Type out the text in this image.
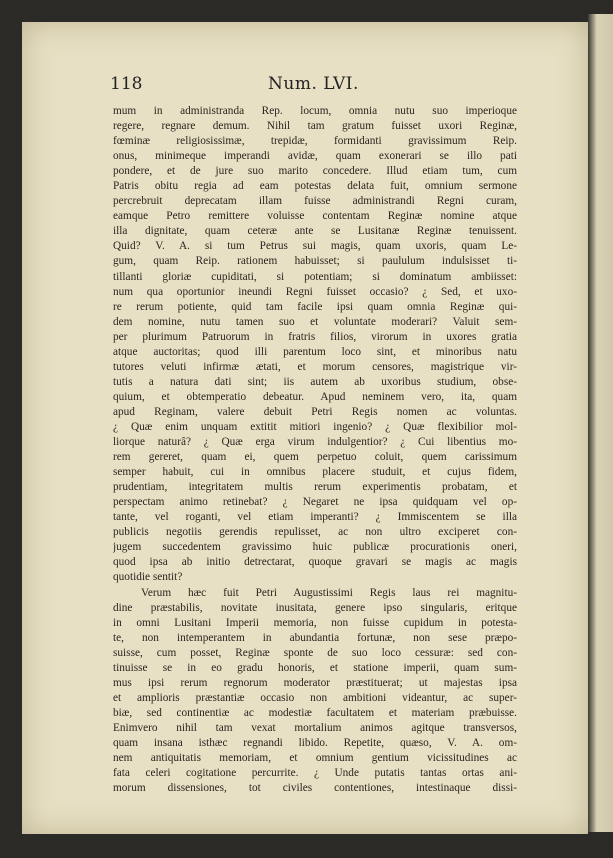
118	Num. LVI.
mum in administranda Rep. locum, omnia nutu suo imperioque
regere, regnare demum. Nihil tam gratum fuisset uxori Reginæ,
fœminæ religiosissimæ, trepidæ, formidanti gravissimum Reip.
onus, minimeque imperandi avidæ, quam exonerari se illo pati
pondere, et de jure suo marito concedere. Illud etiam tum, cum
Patris obitu regia ad eam potestas delata fuit, omnium sermone
percrebruit deprecatam illam fuisse administrandi Regni curam,
eamque Petro remittere voluisse contentam Reginæ nomine atque
illa dignitate, quam ceteræ ante se Lusitanæ Reginæ tenuissent.
Quid? V. A. si tum Petrus sui magis, quam uxoris, quam Le-
gum, quam Reip. rationem habuisset; si paululum indulsisset ti-
tillanti gloriæ cupiditati, si potentiam; si dominatum ambiisset:
num qua oportunior ineundi Regni fuisset occasio? ¿ Sed, et uxo-
re rerum potiente, quid tam facile ipsi quam omnia Reginæ qui-
dem nomine, nutu tamen suo et voluntate moderari? Valuit sem-
per plurimum Patruorum in fratris filios, virorum in uxores gratia
atque auctoritas; quod illi parentum loco sint, et minoribus natu
tutores veluti infirmæ ætati, et morum censores, magistrique vir-
tutis a natura dati sint; iis autem ab uxoribus studium, obse-
quium, et obtemperatio debeatur. Apud neminem vero, ita, quam
apud Reginam, valere debuit Petri Regis nomen ac voluntas.
¿ Quæ enim unquam extitit mitiori ingenio? ¿ Quæ flexibilior mol-
liorque naturâ? ¿ Quæ erga virum indulgentior? ¿ Cui libentius mo-
rem gereret, quam ei, quem perpetuo coluit, quem carissimum
semper habuit, cui in omnibus placere studuit, et cujus fidem,
prudentiam, integritatem multis rerum experimentis probatam, et
perspectam animo retinebat? ¿ Negaret ne ipsa quidquam vel op-
tante, vel roganti, vel etiam imperanti? ¿ Immiscentem se illa
publicis negotiis gerendis repulisset, ac non ultro exciperet con-
jugem succedentem gravissimo huic publicæ procurationis oneri,
quod ipsa ab initio detrectarat, quoque gravari se magis ac magis
quotidie sentit?
Verum hæc fuit Petri Augustissimi Regis laus rei magnitu-
dine præstabilis, novitate inusitata, genere ipso singularis, eritque
in omni Lusitani Imperii memoria, non fuisse cupidum in potesta-
te, non intemperantem in abundantia fortunæ, non sese præpo-
suisse, cum posset, Reginæ sponte de suo loco cessuræ: sed con-
tinuisse se in eo gradu honoris, et statione imperii, quam sum-
mus ipsi rerum regnorum moderator præstituerat; ut majestas ipsa
et amplioris præstantiæ occasio non ambitioni videantur, ac super-
biæ, sed continentiæ ac modestiæ facultatem et materiam præbuisse.
Enimvero nihil tam vexat mortalium animos agitque transversos,
quam insana isthæc regnandi libido. Repetite, quæso, V. A. om-
nem antiquitatis memoriam, et omnium gentium vicissitudines ac
fata celeri cogitatione percurrite. ¿ Unde putatis tantas ortas ani-
morum dissensiones, tot civiles contentiones, intestinaque dissi-
